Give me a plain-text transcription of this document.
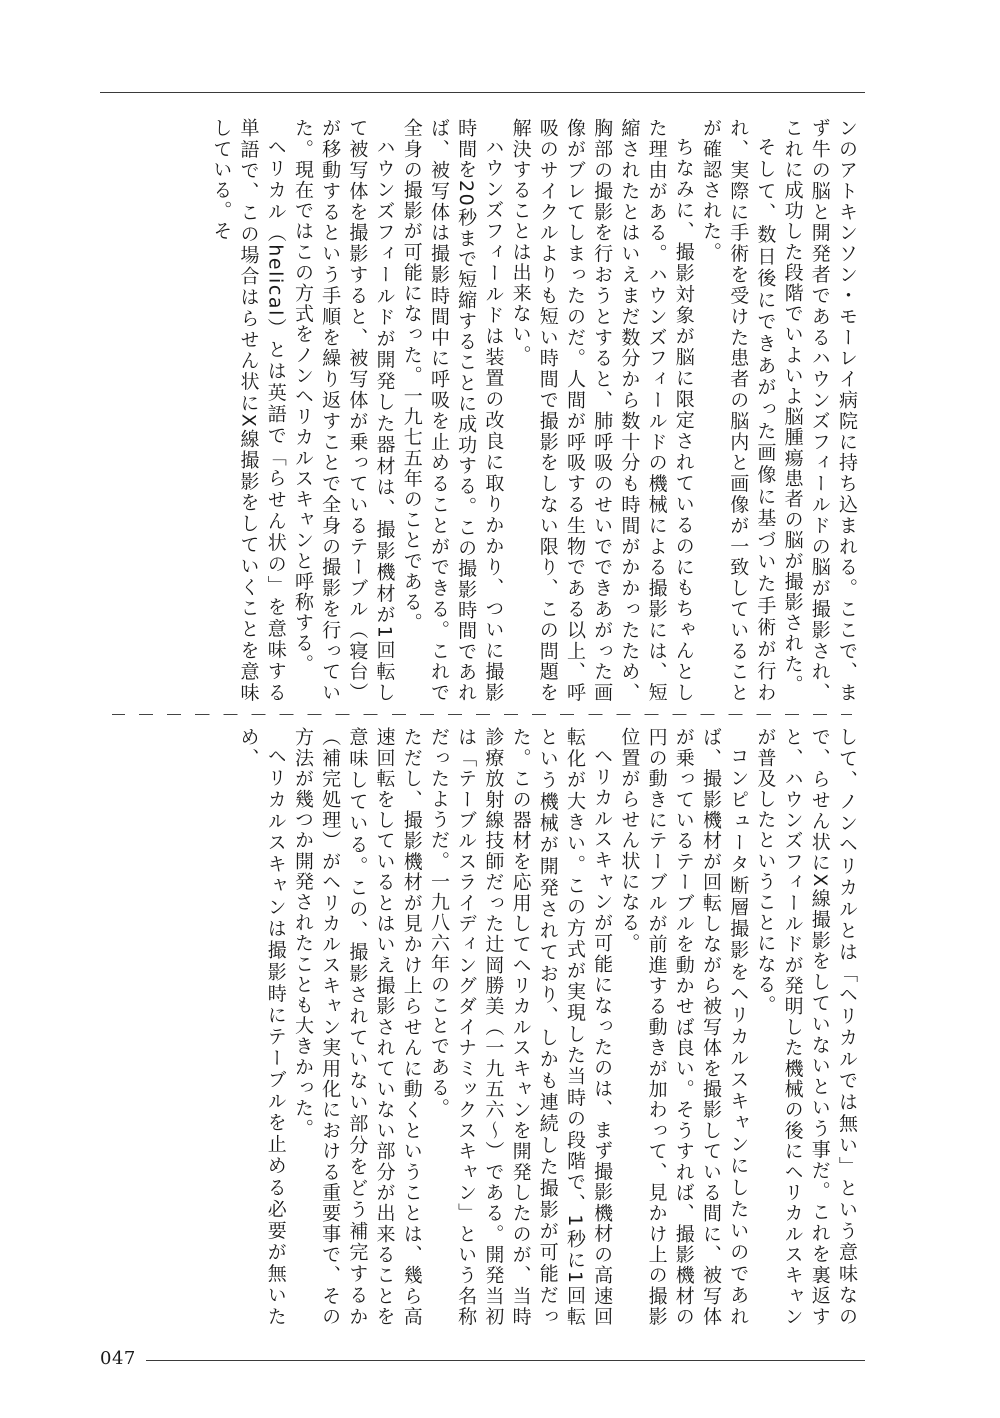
ンのアトキンソン・モーレイ病院に持ち込まれる。ここで、まず牛の脳と開発者であるハウンズフィールドの脳が撮影され、これに成功した段階でいよいよ脳腫瘍患者の脳が撮影された。

そして、数日後にできあがった画像に基づいた手術が行われ、実際に手術を受けた患者の脳内と画像が一致していることが確認された。

ちなみに、撮影対象が脳に限定されているのにもちゃんとした理由がある。ハウンズフィールドの機械による撮影には、短縮されたとはいえまだ数分から数十分も時間がかかったため、胸部の撮影を行おうとすると、肺呼吸のせいでできあがった画像がブレてしまったのだ。人間が呼吸する生物である以上、呼吸のサイクルよりも短い時間で撮影をしない限り、この問題を解決することは出来ない。

ハウンズフィールドは装置の改良に取りかかり、ついに撮影時間を20秒まで短縮することに成功する。この撮影時間であれば、被写体は撮影時間中に呼吸を止めることができる。これで全身の撮影が可能になった。一九七五年のことである。

ハウンズフィールドが開発した器材は、撮影機材が1回転して被写体を撮影すると、被写体が乗っているテーブル（寝台）が移動するという手順を繰り返すことで全身の撮影を行っていた。現在ではこの方式をノンヘリカルスキャンと呼称する。

ヘリカル（helical）とは英語で「らせん状の」を意味する単語で、この場合はらせん状にX線撮影をしていくことを意味している。そ

して、ノンヘリカルとは「ヘリカルでは無い」という意味なので、らせん状にX線撮影をしていないという事だ。これを裏返すと、ハウンズフィールドが発明した機械の後にヘリカルスキャンが普及したということになる。

コンピュータ断層撮影をヘリカルスキャンにしたいのであれば、撮影機材が回転しながら被写体を撮影している間に、被写体が乗っているテーブルを動かせば良い。そうすれば、撮影機材の円の動きにテーブルが前進する動きが加わって、見かけ上の撮影位置がらせん状になる。

ヘリカルスキャンが可能になったのは、まず撮影機材の高速回転化が大きい。この方式が実現した当時の段階で、1秒に1回転という機械が開発されており、しかも連続した撮影が可能だった。この器材を応用してヘリカルスキャンを開発したのが、当時診療放射線技師だった辻岡勝美（一九五六〜）である。開発当初は「テーブルスライディングダイナミックスキャン」という名称だったようだ。一九八六年のことである。

ただし、撮影機材が見かけ上らせんに動くということは、幾ら高速回転をしているとはいえ撮影されていない部分が出来ることを意味している。この、撮影されていない部分をどう補完するか（補完処理）がヘリカルスキャン実用化における重要事で、その方法が幾つか開発されたことも大きかった。

ヘリカルスキャンは撮影時にテーブルを止める必要が無いため、

047
